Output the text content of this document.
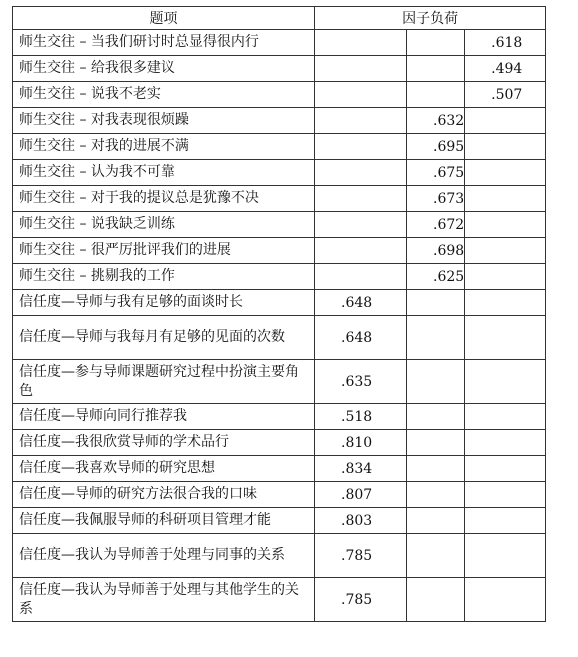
题项	因子负荷		
师生交往 – 当我们研讨时总显得很内行			.618
师生交往 – 给我很多建议			.494
师生交往 – 说我不老实			.507
师生交往 – 对我表现很烦躁		.632	
师生交往 – 对我的进展不满		.695	
师生交往 – 认为我不可靠		.675	
师生交往 – 对于我的提议总是犹豫不决		.673	
师生交往 – 说我缺乏训练		.672	
师生交往 – 很严厉批评我们的进展		.698	
师生交往 – 挑剔我的工作		.625	
信任度—导师与我有足够的面谈时长	.648		
信任度—导师与我每月有足够的见面的次数	.648		
信任度—参与导师课题研究过程中扮演主要角色	.635		
信任度—导师向同行推荐我	.518		
信任度—我很欣赏导师的学术品行	.810		
信任度—我喜欢导师的研究思想	.834		
信任度—导师的研究方法很合我的口味	.807		
信任度—我佩服导师的科研项目管理才能	.803		
信任度—我认为导师善于处理与同事的关系	.785		
信任度—我认为导师善于处理与其他学生的关系	.785		
